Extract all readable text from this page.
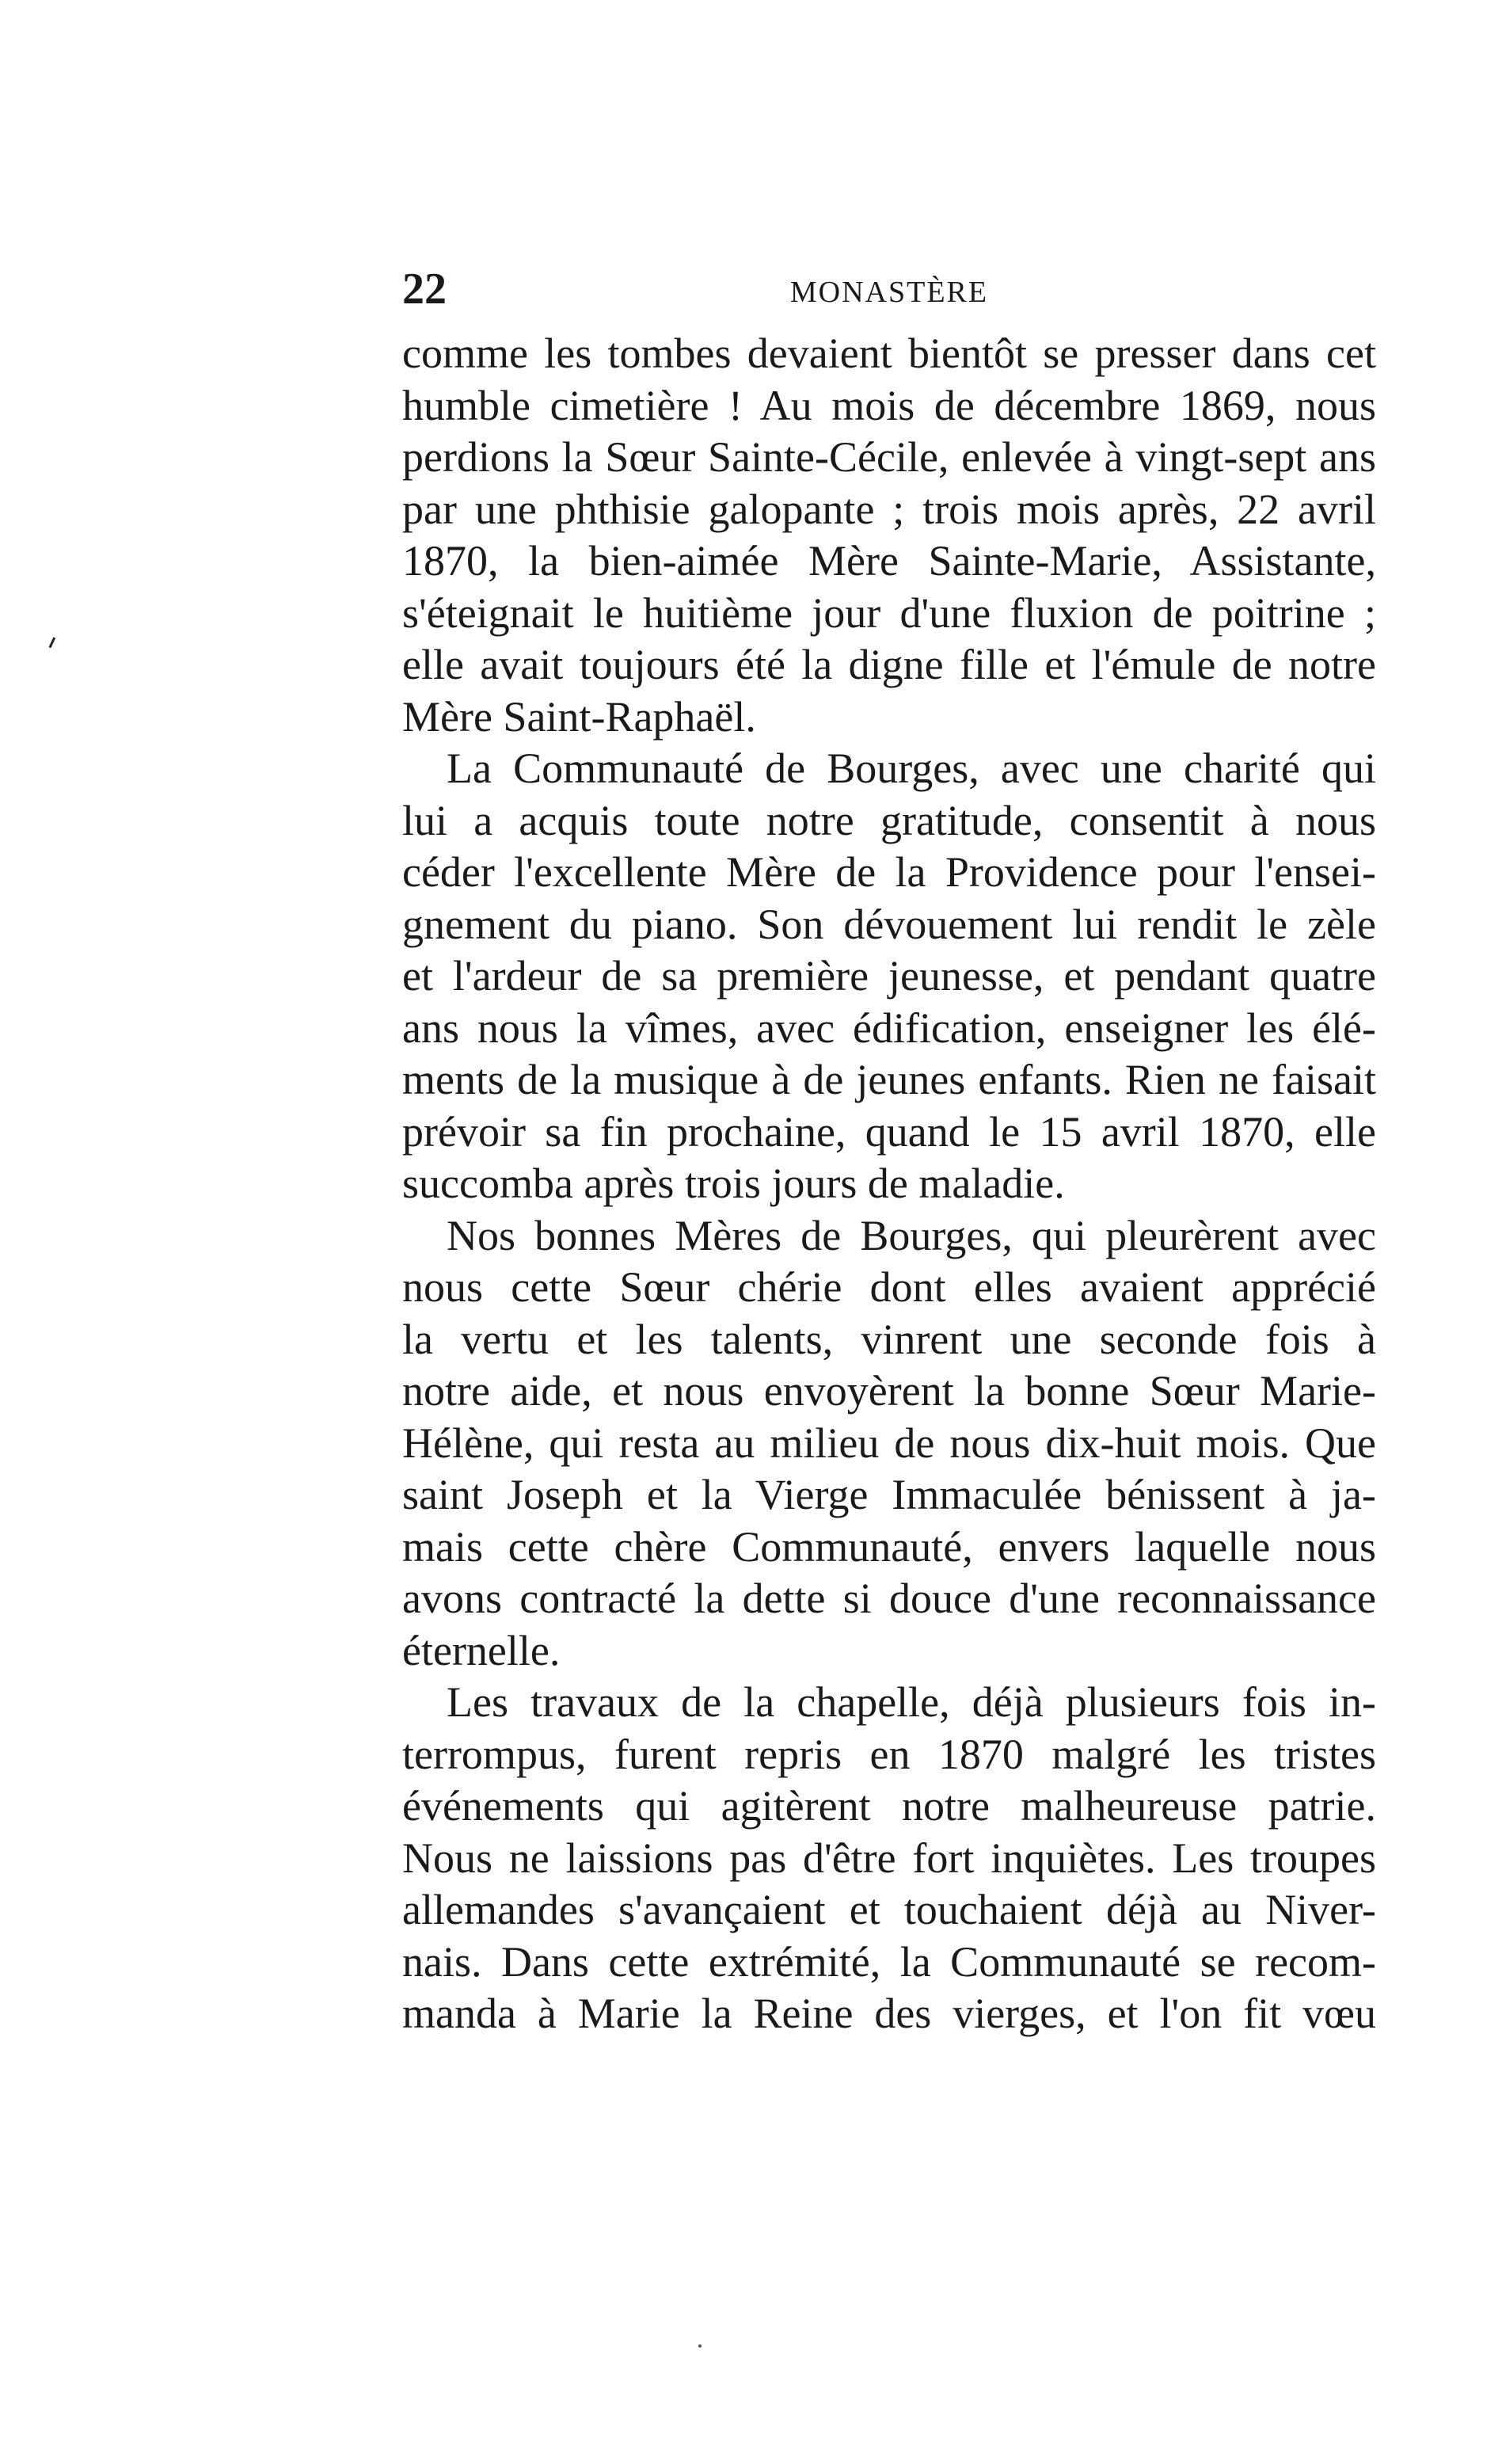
22	MONASTÈRE
comme les tombes devaient bientôt se presser dans cet
humble cimetière ! Au mois de décembre 1869, nous
perdions la Sœur Sainte-Cécile, enlevée à vingt-sept ans
par une phthisie galopante ; trois mois après, 22 avril
1870, la bien-aimée Mère Sainte-Marie, Assistante,
s'éteignait le huitième jour d'une fluxion de poitrine ;
elle avait toujours été la digne fille et l'émule de notre
Mère Saint-Raphaël.
La Communauté de Bourges, avec une charité qui
lui a acquis toute notre gratitude, consentit à nous
céder l'excellente Mère de la Providence pour l'ensei-
gnement du piano. Son dévouement lui rendit le zèle
et l'ardeur de sa première jeunesse, et pendant quatre
ans nous la vîmes, avec édification, enseigner les élé-
ments de la musique à de jeunes enfants. Rien ne faisait
prévoir sa fin prochaine, quand le 15 avril 1870, elle
succomba après trois jours de maladie.
Nos bonnes Mères de Bourges, qui pleurèrent avec
nous cette Sœur chérie dont elles avaient apprécié
la vertu et les talents, vinrent une seconde fois à
notre aide, et nous envoyèrent la bonne Sœur Marie-
Hélène, qui resta au milieu de nous dix-huit mois. Que
saint Joseph et la Vierge Immaculée bénissent à ja-
mais cette chère Communauté, envers laquelle nous
avons contracté la dette si douce d'une reconnaissance
éternelle.
Les travaux de la chapelle, déjà plusieurs fois in-
terrompus, furent repris en 1870 malgré les tristes
événements qui agitèrent notre malheureuse patrie.
Nous ne laissions pas d'être fort inquiètes. Les troupes
allemandes s'avançaient et touchaient déjà au Niver-
nais. Dans cette extrémité, la Communauté se recom-
manda à Marie la Reine des vierges, et l'on fit vœu
